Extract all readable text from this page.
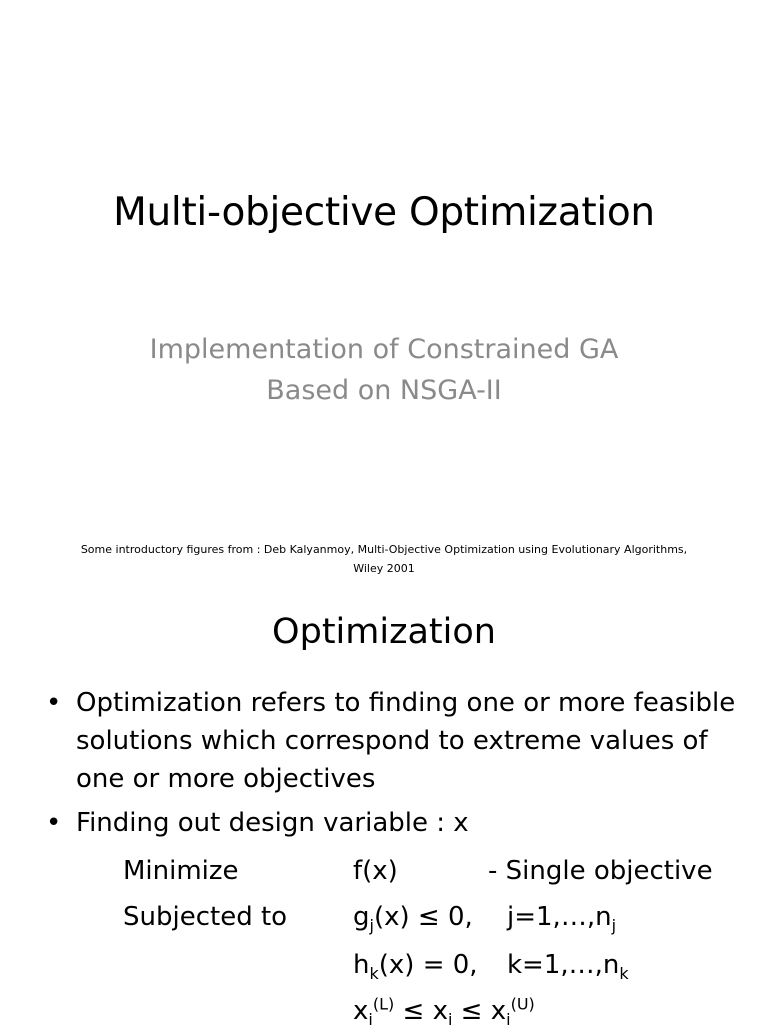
Multi-objective Optimization
Implementation of Constrained GA
Based on NSGA-II
Some introductory figures from : Deb Kalyanmoy, Multi-Objective Optimization using Evolutionary Algorithms,
Wiley 2001
Optimization
• Optimization refers to finding one or more feasible solutions which correspond to extreme values of one or more objectives
• Finding out design variable : x
Minimize	f(x)	- Single objective
Subjected to	$g_j(x) \le 0$, $j=1,\dots,n_j$
$h_k(x) = 0$, $k=1,\dots,n_k$
$x_i^{(L)} \le x_i \le x_i^{(U)}$
